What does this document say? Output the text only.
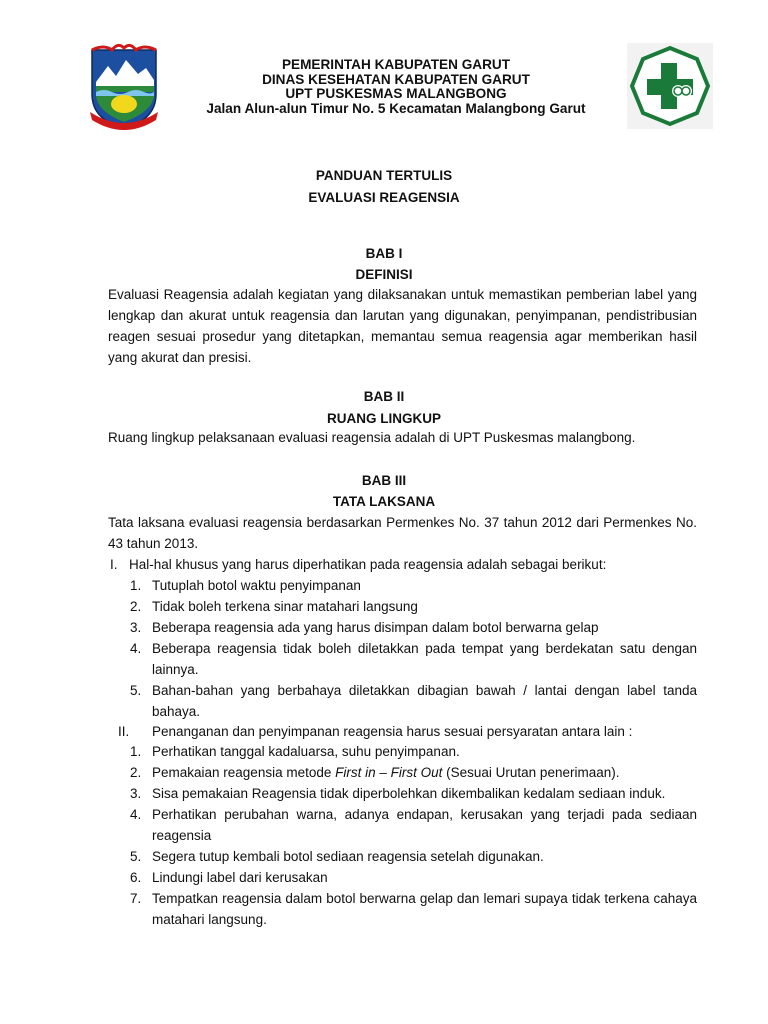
PEMERINTAH KABUPATEN GARUT
DINAS KESEHATAN KABUPATEN GARUT
UPT PUSKESMAS MALANGBONG
Jalan Alun-alun Timur No. 5 Kecamatan Malangbong Garut
PANDUAN TERTULIS
EVALUASI REAGENSIA
BAB I
DEFINISI
Evaluasi Reagensia adalah kegiatan yang dilaksanakan untuk memastikan pemberian label yang lengkap dan akurat untuk reagensia dan larutan yang digunakan, penyimpanan, pendistribusian reagen sesuai prosedur yang ditetapkan, memantau semua reagensia agar memberikan hasil yang akurat dan presisi.
BAB II
RUANG LINGKUP
Ruang lingkup pelaksanaan evaluasi reagensia adalah di UPT Puskesmas malangbong.
BAB III
TATA LAKSANA
Tata laksana evaluasi reagensia berdasarkan Permenkes No. 37 tahun 2012 dari Permenkes No. 43 tahun 2013.
I. Hal-hal khusus yang harus diperhatikan pada reagensia adalah sebagai berikut:
1. Tutuplah botol waktu penyimpanan
2. Tidak boleh terkena sinar matahari langsung
3. Beberapa reagensia ada yang harus disimpan dalam botol berwarna gelap
4. Beberapa reagensia tidak boleh diletakkan pada tempat yang berdekatan satu dengan lainnya.
5. Bahan-bahan yang berbahaya diletakkan dibagian bawah / lantai dengan label tanda bahaya.
II.	Penanganan dan penyimpanan reagensia harus sesuai persyaratan antara lain :
1. Perhatikan tanggal kadaluarsa, suhu penyimpanan.
2. Pemakaian reagensia metode First in – First Out (Sesuai Urutan penerimaan).
3. Sisa pemakaian Reagensia tidak diperbolehkan dikembalikan kedalam sediaan induk.
4. Perhatikan perubahan warna, adanya endapan, kerusakan yang terjadi pada sediaan reagensia
5. Segera tutup kembali botol sediaan reagensia setelah digunakan.
6. Lindungi label dari kerusakan
7. Tempatkan reagensia dalam botol berwarna gelap dan lemari supaya tidak terkena cahaya matahari langsung.
